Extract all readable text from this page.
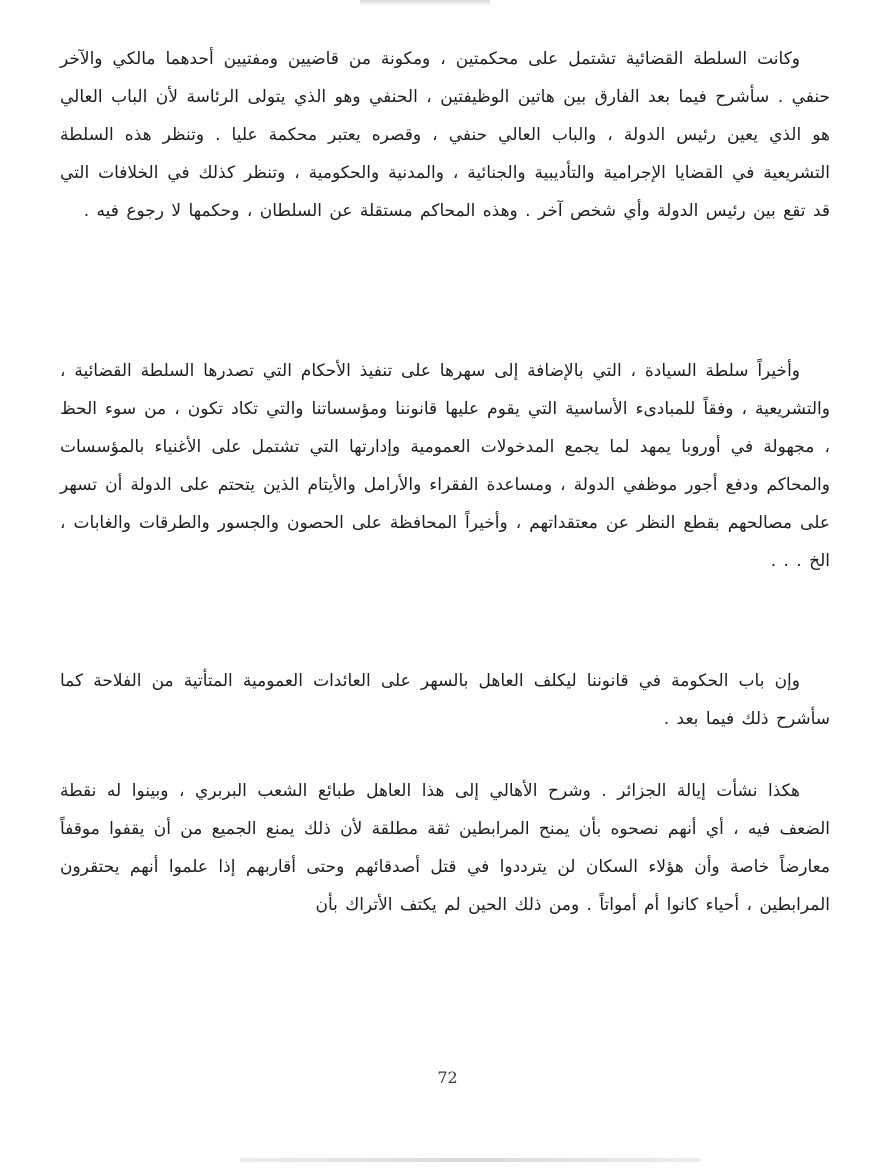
وكانت السلطة القضائية تشتمل على محكمتين ، ومكونة من قاضيين ومفتيين أحدهما مالكي والآخر حنفي . سأشرح فيما بعد الفارق بين هاتين الوظيفتين ، الحنفي وهو الذي يتولى الرئاسة لأن الباب العالي هو الذي يعين رئيس الدولة ، والباب العالي حنفي ، وقصره يعتبر محكمة عليا . وتنظر هذه السلطة التشريعية في القضايا الإجرامية والتأديبية والجنائية ، والمدنية والحكومية ، وتنظر كذلك في الخلافات التي قد تقع بين رئيس الدولة وأي شخص آخر . وهذه المحاكم مستقلة عن السلطان ، وحكمها لا رجوع فيه .

وأخيراً سلطة السيادة ، التي بالإضافة إلى سهرها على تنفيذ الأحكام التي تصدرها السلطة القضائية ، والتشريعية ، وفقاً للمبادىء الأساسية التي يقوم عليها قانوننا ومؤسساتنا والتي تكاد تكون ، من سوء الحظ ، مجهولة في أوروبا يمهد لما يجمع المدخولات العمومية وإدارتها التي تشتمل على الأغنياء بالمؤسسات والمحاكم ودفع أجور موظفي الدولة ، ومساعدة الفقراء والأرامل والأيتام الذين يتحتم على الدولة أن تسهر على مصالحهم بقطع النظر عن معتقداتهم ، وأخيراً المحافظة على الحصون والجسور والطرقات والغابات ، الخ . . .

وإن باب الحكومة في قانوننا ليكلف العاهل بالسهر على العائدات العمومية المتأتية من الفلاحة كما سأشرح ذلك فيما بعد .

هكذا نشأت إيالة الجزائر . وشرح الأهالي إلى هذا العاهل طبائع الشعب البربري ، وبينوا له نقطة الضعف فيه ، أي أنهم نصحوه بأن يمنح المرابطين ثقة مطلقة لأن ذلك يمنع الجميع من أن يقفوا موقفاً معارضاً خاصة وأن هؤلاء السكان لن يترددوا في قتل أصدقائهم وحتى أقاربهم إذا علموا أنهم يحتقرون المرابطين ، أحياء كانوا أم أمواتاً . ومن ذلك الحين لم يكتف الأتراك بأن

72
